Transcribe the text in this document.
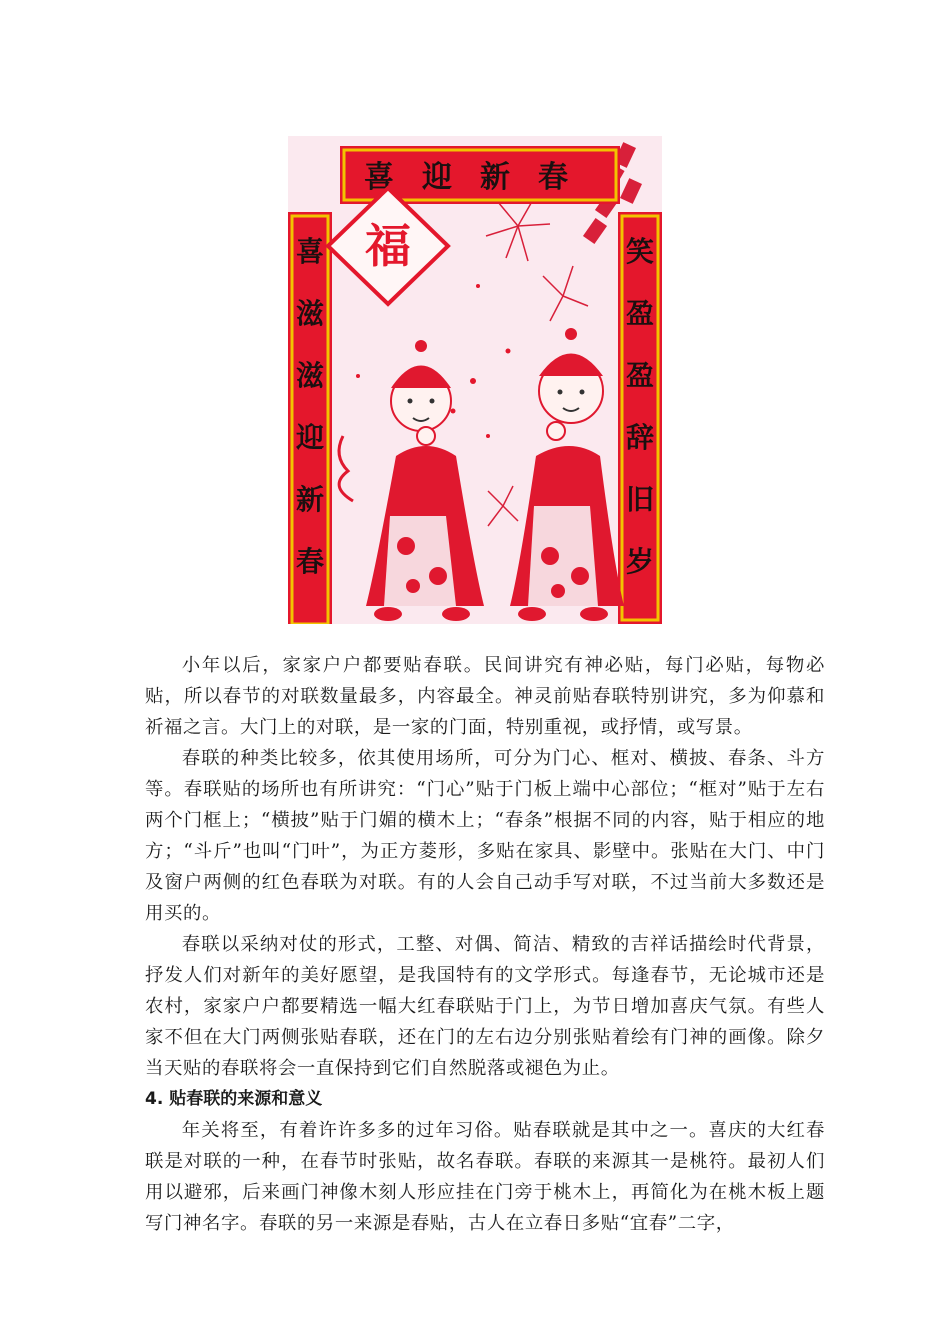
喜迎新春
喜
滋
滋
迎
新
春
笑
盈
盈
辞
旧
岁
福

小年以后，家家户户都要贴春联。民间讲究有神必贴，每门必贴，每物必贴，所以春节的对联数量最多，内容最全。神灵前贴春联特别讲究，多为仰慕和祈福之言。大门上的对联，是一家的门面，特别重视，或抒情，或写景。

春联的种类比较多，依其使用场所，可分为门心、框对、横披、春条、斗方等。春联贴的场所也有所讲究：“门心”贴于门板上端中心部位；“框对”贴于左右两个门框上；“横披”贴于门媚的横木上；“春条”根据不同的内容，贴于相应的地方；“斗斤”也叫“门叶”，为正方菱形，多贴在家具、影壁中。张贴在大门、中门及窗户两侧的红色春联为对联。有的人会自己动手写对联，不过当前大多数还是用买的。

春联以采纳对仗的形式，工整、对偶、简洁、精致的吉祥话描绘时代背景，抒发人们对新年的美好愿望，是我国特有的文学形式。每逢春节，无论城市还是农村，家家户户都要精选一幅大红春联贴于门上，为节日增加喜庆气氛。有些人家不但在大门两侧张贴春联，还在门的左右边分别张贴着绘有门神的画像。除夕当天贴的春联将会一直保持到它们自然脱落或褪色为止。

4. 贴春联的来源和意义

年关将至，有着许许多多的过年习俗。贴春联就是其中之一。喜庆的大红春联是对联的一种，在春节时张贴，故名春联。春联的来源其一是桃符。最初人们用以避邪，后来画门神像木刻人形应挂在门旁于桃木上，再简化为在桃木板上题写门神名字。春联的另一来源是春贴，古人在立春日多贴“宜春”二字，
